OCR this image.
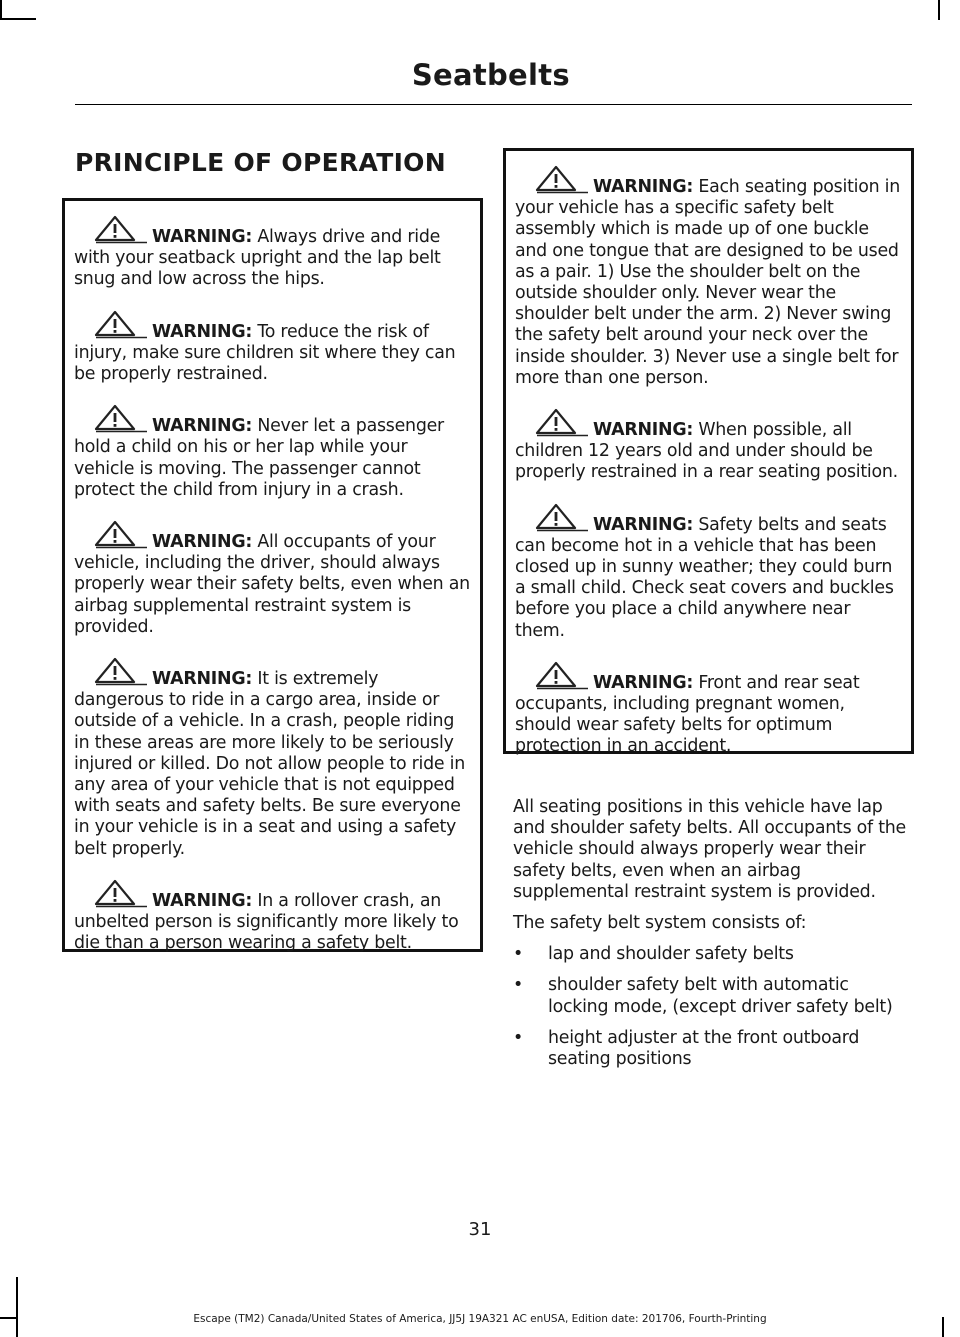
Seatbelts
PRINCIPLE OF OPERATION

WARNING: Always drive and ride with your seatback upright and the lap belt snug and low across the hips.

WARNING: To reduce the risk of injury, make sure children sit where they can be properly restrained.

WARNING: Never let a passenger hold a child on his or her lap while your vehicle is moving. The passenger cannot protect the child from injury in a crash.

WARNING: All occupants of your vehicle, including the driver, should always properly wear their safety belts, even when an airbag supplemental restraint system is provided.

WARNING: It is extremely dangerous to ride in a cargo area, inside or outside of a vehicle. In a crash, people riding in these areas are more likely to be seriously injured or killed. Do not allow people to ride in any area of your vehicle that is not equipped with seats and safety belts. Be sure everyone in your vehicle is in a seat and using a safety belt properly.

WARNING: In a rollover crash, an unbelted person is significantly more likely to die than a person wearing a safety belt.

WARNING: Each seating position in your vehicle has a specific safety belt assembly which is made up of one buckle and one tongue that are designed to be used as a pair. 1) Use the shoulder belt on the outside shoulder only. Never wear the shoulder belt under the arm. 2) Never swing the safety belt around your neck over the inside shoulder. 3) Never use a single belt for more than one person.

WARNING: When possible, all children 12 years old and under should be properly restrained in a rear seating position.

WARNING: Safety belts and seats can become hot in a vehicle that has been closed up in sunny weather; they could burn a small child. Check seat covers and buckles before you place a child anywhere near them.

WARNING: Front and rear seat occupants, including pregnant women, should wear safety belts for optimum protection in an accident.

All seating positions in this vehicle have lap and shoulder safety belts. All occupants of the vehicle should always properly wear their safety belts, even when an airbag supplemental restraint system is provided.

The safety belt system consists of:

• lap and shoulder safety belts
• shoulder safety belt with automatic locking mode, (except driver safety belt)
• height adjuster at the front outboard seating positions
31
Escape (TM2) Canada/United States of America, JJ5J 19A321 AC enUSA, Edition date: 201706, Fourth-Printing
